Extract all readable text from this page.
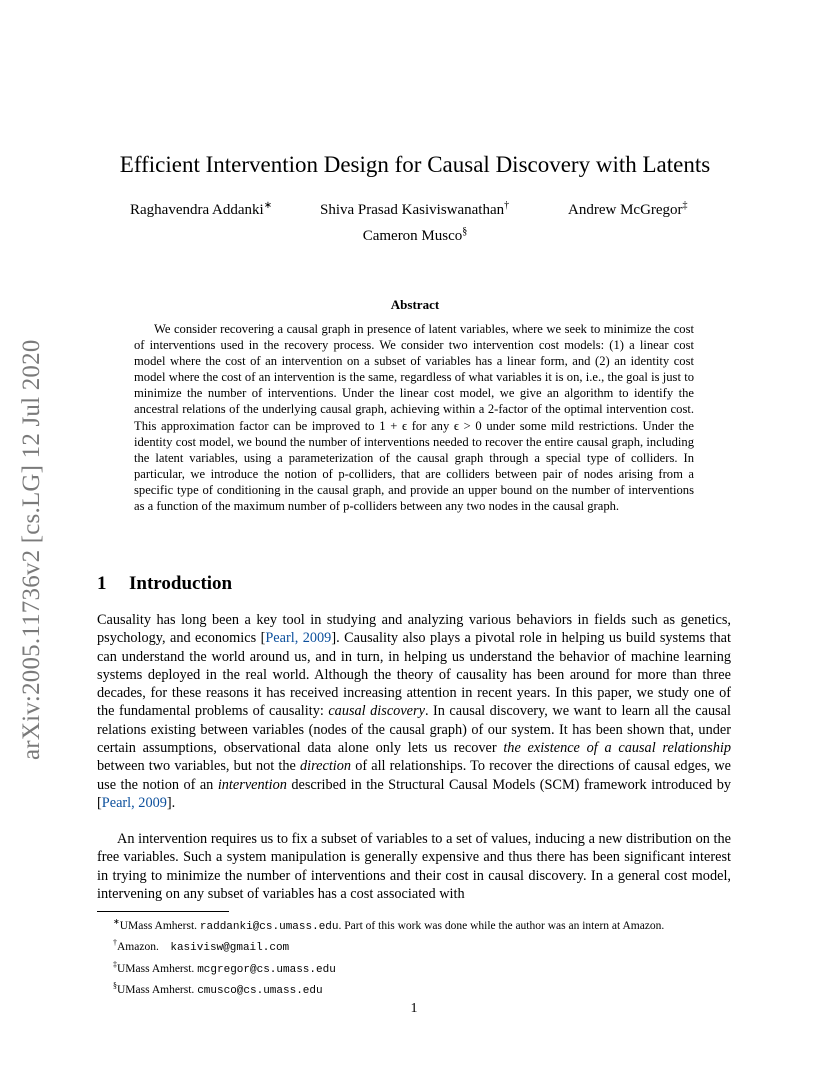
arXiv:2005.11736v2 [cs.LG] 12 Jul 2020
Efficient Intervention Design for Causal Discovery with Latents
Raghavendra Addanki∗	Shiva Prasad Kasiviswanathan†	Andrew McGregor‡
Cameron Musco§
Abstract
We consider recovering a causal graph in presence of latent variables, where we seek to minimize the cost of interventions used in the recovery process. We consider two intervention cost models: (1) a linear cost model where the cost of an intervention on a subset of variables has a linear form, and (2) an identity cost model where the cost of an intervention is the same, regardless of what variables it is on, i.e., the goal is just to minimize the number of interventions. Under the linear cost model, we give an algorithm to identify the ancestral relations of the underlying causal graph, achieving within a 2-factor of the optimal intervention cost. This approximation factor can be improved to 1 + ϵ for any ϵ > 0 under some mild restrictions. Under the identity cost model, we bound the number of interventions needed to recover the entire causal graph, including the latent variables, using a parameterization of the causal graph through a special type of colliders. In particular, we introduce the notion of p-colliders, that are colliders between pair of nodes arising from a specific type of conditioning in the causal graph, and provide an upper bound on the number of interventions as a function of the maximum number of p-colliders between any two nodes in the causal graph.
1 Introduction
Causality has long been a key tool in studying and analyzing various behaviors in fields such as genetics, psychology, and economics [Pearl, 2009]. Causality also plays a pivotal role in helping us build systems that can understand the world around us, and in turn, in helping us understand the behavior of machine learning systems deployed in the real world. Although the theory of causality has been around for more than three decades, for these reasons it has received increasing attention in recent years. In this paper, we study one of the fundamental problems of causality: causal discovery. In causal discovery, we want to learn all the causal relations existing between variables (nodes of the causal graph) of our system. It has been shown that, under certain assumptions, observational data alone only lets us recover the existence of a causal relationship between two variables, but not the direction of all relationships. To recover the directions of causal edges, we use the notion of an intervention described in the Structural Causal Models (SCM) framework introduced by [Pearl, 2009].
An intervention requires us to fix a subset of variables to a set of values, inducing a new distribution on the free variables. Such a system manipulation is generally expensive and thus there has been significant interest in trying to minimize the number of interventions and their cost in causal discovery. In a general cost model, intervening on any subset of variables has a cost associated with
∗UMass Amherst. raddanki@cs.umass.edu. Part of this work was done while the author was an intern at Amazon.
†Amazon. kasivisw@gmail.com
‡UMass Amherst. mcgregor@cs.umass.edu
§UMass Amherst. cmusco@cs.umass.edu
1
